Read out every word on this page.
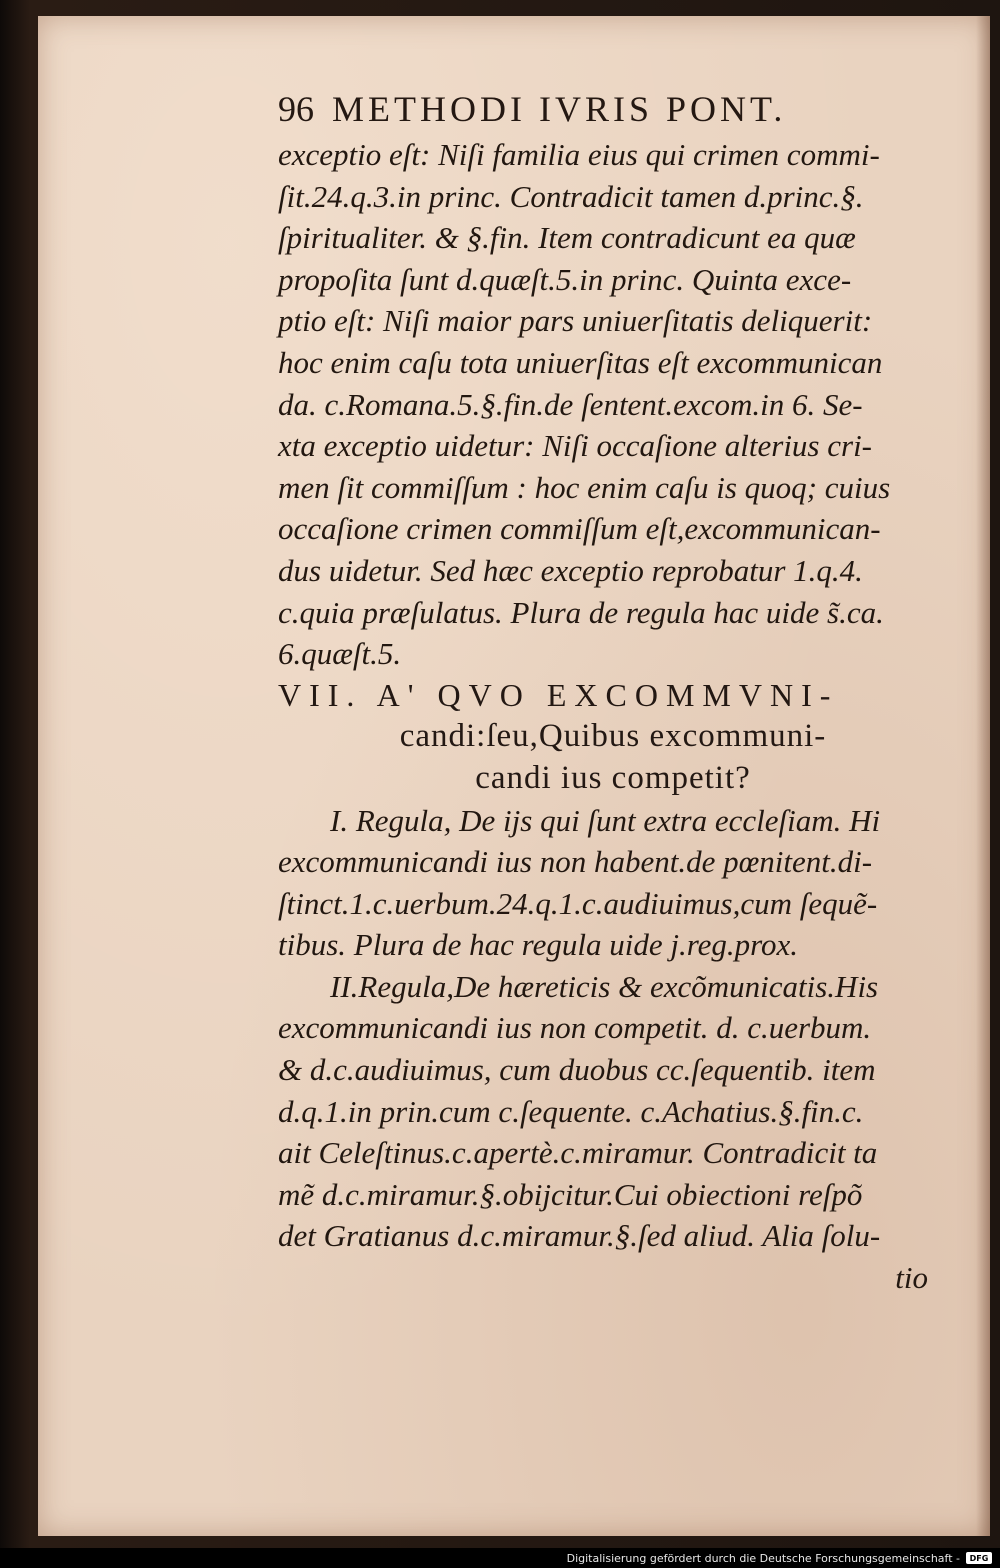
96 METHODI IVRIS PONT.
exceptio eſt: Niſi familia eius qui crimen commi-
ſit.24.q.3.in princ. Contradicit tamen d.princ.§.
ſpiritualiter. & §.fin. Item contradicunt ea quæ
propoſita ſunt d.quæſt.5.in princ. Quinta exce-
ptio eſt: Niſi maior pars uniuerſitatis deliquerit:
hoc enim caſu tota uniuerſitas eſt excommunican
da. c.Romana.5.§.fin.de ſentent.excom.in 6. Se-
xta exceptio uidetur: Niſi occaſione alterius cri-
men ſit commiſſum : hoc enim caſu is quoq; cuius
occaſione crimen commiſſum eſt,excommunican-
dus uidetur. Sed hæc exceptio reprobatur 1.q.4.
c.quia præſulatus. Plura de regula hac uide s̃.ca.
6.quæſt.5.
VII. A' QVO EXCOMMVNI-
candi:ſeu,Quibus excommuni-
candi ius competit?
I. Regula, De ijs qui ſunt extra eccleſiam. Hi
excommunicandi ius non habent.de pœnitent.di-
ſtinct.1.c.uerbum.24.q.1.c.audiuimus,cum ſequẽ-
tibus. Plura de hac regula uide j.reg.prox.
II.Regula,De hæreticis & excõmunicatis.His
excommunicandi ius non competit. d. c.uerbum.
& d.c.audiuimus, cum duobus cc.ſequentib. item
d.q.1.in prin.cum c.ſequente. c.Achatius.§.fin.c.
ait Celeſtinus.c.apertè.c.miramur. Contradicit ta
mẽ d.c.miramur.§.obijcitur.Cui obiectioni reſpõ
det Gratianus d.c.miramur.§.ſed aliud. Alia ſolu-
tio
Digitalisierung gefördert durch die Deutsche Forschungsgemeinschaft -	DFG
